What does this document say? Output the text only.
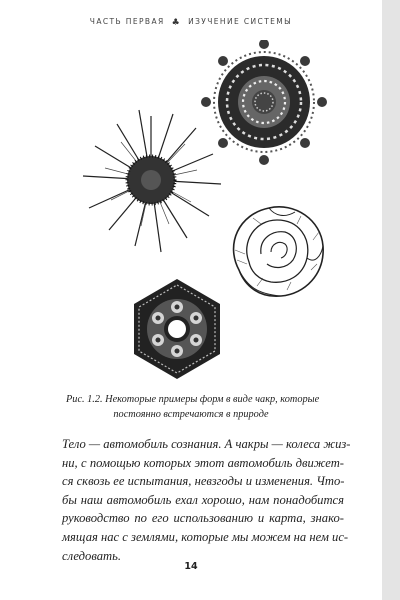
ЧАСТЬ ПЕРВАЯ ♣ ИЗУЧЕНИЕ СИСТЕМЫ
Рис. 1.2. Некоторые примеры форм в виде чакр, которые
постоянно встречаются в природе
Тело — автомобиль сознания. А чакры — колеса жиз-
ни, с помощью которых этот автомобиль движет-
ся сквозь ее испытания, невзгоды и изменения. Что-
бы наш автомобиль ехал хорошо, нам понадобится
руководство по его использованию и карта, знако-
мящая нас с землями, которые мы можем на нем ис-
следовать.
14
